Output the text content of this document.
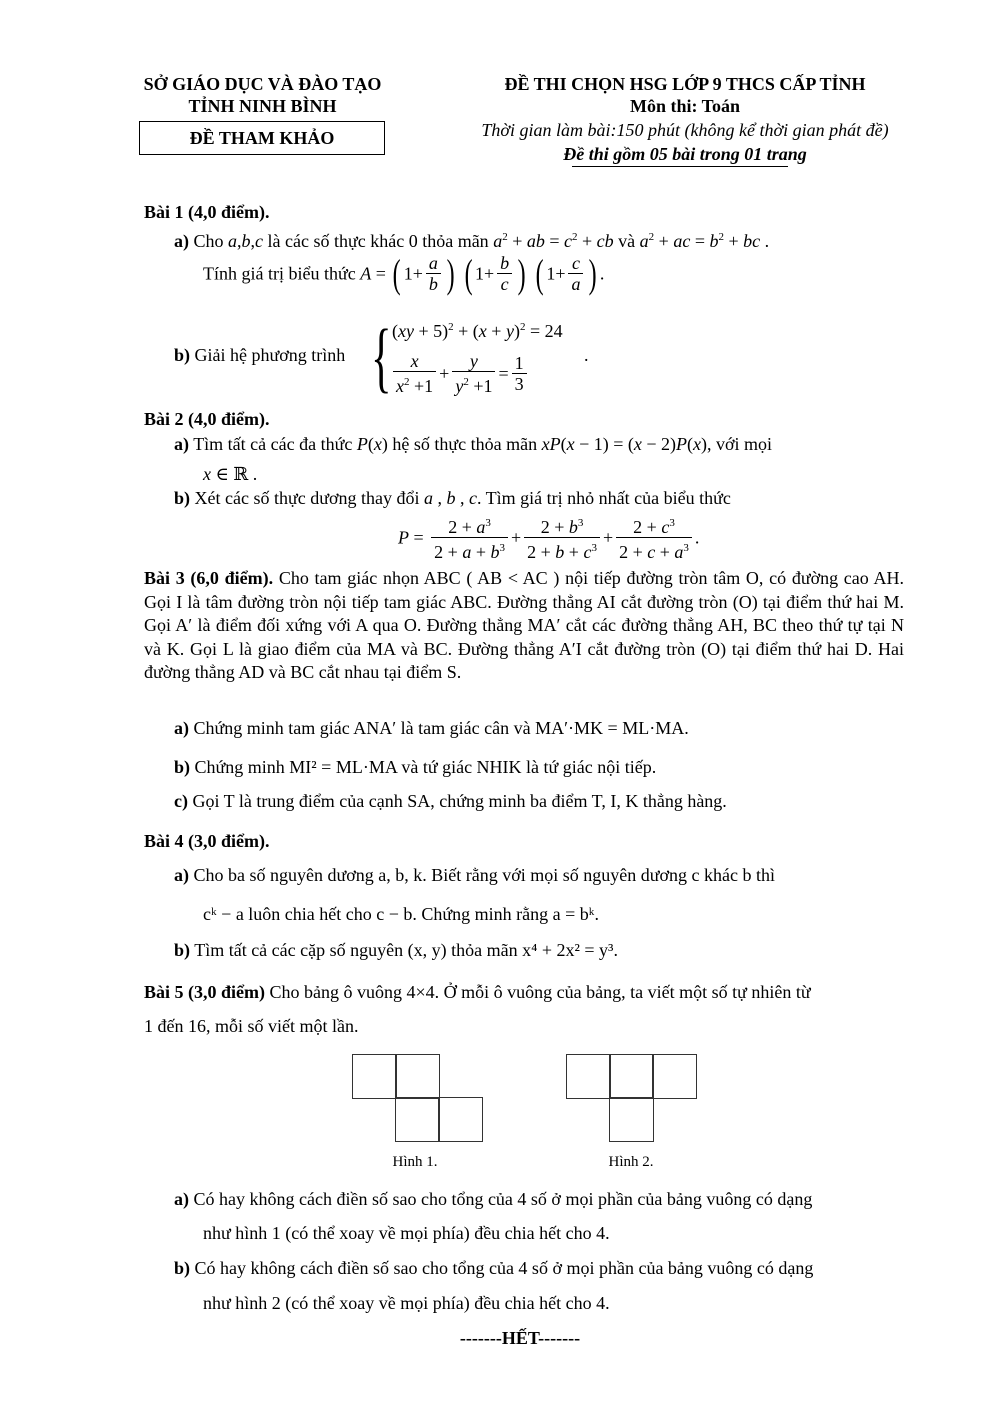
SỞ GIÁO DỤC VÀ ĐÀO TẠO
TỈNH NINH BÌNH
ĐỀ THAM KHẢO
ĐỀ THI CHỌN HSG LỚP 9 THCS CẤP TỈNH
Môn thi: Toán
Thời gian làm bài:150 phút (không kể thời gian phát đề)
Đề thi gồm 05 bài trong 01 trang
Bài 1 (4,0 điểm).
a) Cho a,b,c là các số thực khác 0 thỏa mãn $a^2$ + ab = $c^2$ + cb và $a^2$ + ac = $b^2$ + bc .
Tính giá trị biểu thức A = ( $1+ \frac{a}{b}$ ) ( $1+ \frac{b}{c}$ ) ( $1+ \frac{c}{a}$ ) .
b) Giải hệ phương trình { $(xy + 5)^2 + (x + y)^2 = 24$
$\frac{x}{x^2 +1} + \frac{y}{y^2 +1} = \frac{1}{3}$	.
Bài 2 (4,0 điểm).
a) Tìm tất cả các đa thức P(x) hệ số thực thỏa mãn xP(x − 1) = (x − 2)P(x), với mọi
x ∈ ℝ .
b) Xét các số thực dương thay đổi a , b , c. Tìm giá trị nhỏ nhất của biểu thức
$P = \frac{2 + a^3}{2 + a + b^3} + \frac{2 + b^3}{2 + b + c^3} + \frac{2 + c^3}{2 + c + a^3}$ .
Bài 3 (6,0 điểm). Cho tam giác nhọn ABC ( AB < AC ) nội tiếp đường tròn tâm O, có đường cao AH. Gọi I là tâm đường tròn nội tiếp tam giác ABC. Đường thẳng AI cắt đường tròn (O) tại điểm thứ hai M. Gọi A′ là điểm đối xứng với A qua O. Đường thẳng MA′ cắt các đường thẳng AH, BC theo thứ tự tại N và K. Gọi L là giao điểm của MA và BC. Đường thẳng A′I cắt đường tròn (O) tại điểm thứ hai D. Hai đường thẳng AD và BC cắt nhau tại điểm S.
a) Chứng minh tam giác ANA′ là tam giác cân và MA′·MK = ML·MA.
b) Chứng minh MI² = ML·MA và tứ giác NHIK là tứ giác nội tiếp.
c) Gọi T là trung điểm của cạnh SA, chứng minh ba điểm T, I, K thẳng hàng.
Bài 4 (3,0 điểm).
a) Cho ba số nguyên dương a, b, k. Biết rằng với mọi số nguyên dương c khác b thì
cᵏ − a luôn chia hết cho c − b. Chứng minh rằng a = bᵏ.
b) Tìm tất cả các cặp số nguyên (x, y) thỏa mãn x⁴ + 2x² = y³.
Bài 5 (3,0 điểm) Cho bảng ô vuông 4×4. Ở mỗi ô vuông của bảng, ta viết một số tự nhiên từ
1 đến 16, mỗi số viết một lần.
Hình 1.	Hình 2.
a) Có hay không cách điền số sao cho tổng của 4 số ở mọi phần của bảng vuông có dạng
như hình 1 (có thể xoay về mọi phía) đều chia hết cho 4.
b) Có hay không cách điền số sao cho tổng của 4 số ở mọi phần của bảng vuông có dạng
như hình 2 (có thể xoay về mọi phía) đều chia hết cho 4.
-------HẾT-------
